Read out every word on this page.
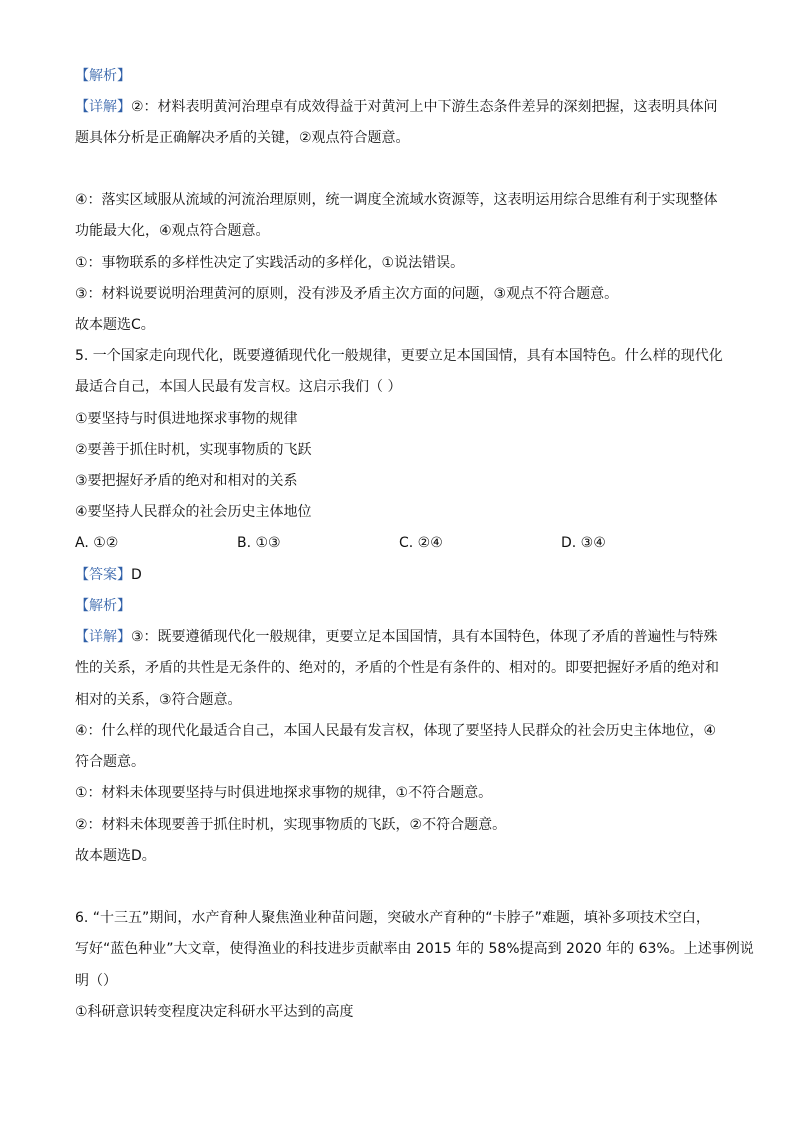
【解析】
【详解】②：材料表明黄河治理卓有成效得益于对黄河上中下游生态条件差异的深刻把握，这表明具体问
题具体分析是正确解决矛盾的关键，②观点符合题意。
④：落实区域服从流域的河流治理原则，统一调度全流域水资源等，这表明运用综合思维有利于实现整体
功能最大化，④观点符合题意。
①：事物联系的多样性决定了实践活动的多样化，①说法错误。
③：材料说要说明治理黄河的原则，没有涉及矛盾主次方面的问题，③观点不符合题意。
故本题选C。
5. 一个国家走向现代化，既要遵循现代化一般规律，更要立足本国国情，具有本国特色。什么样的现代化
最适合自己，本国人民最有发言权。这启示我们（ ）
①要坚持与时俱进地探求事物的规律
②要善于抓住时机，实现事物质的飞跃
③要把握好矛盾的绝对和相对的关系
④要坚持人民群众的社会历史主体地位
A. ①②	B. ①③	C. ②④	D. ③④
【答案】D
【解析】
【详解】③：既要遵循现代化一般规律，更要立足本国国情，具有本国特色，体现了矛盾的普遍性与特殊
性的关系，矛盾的共性是无条件的、绝对的，矛盾的个性是有条件的、相对的。即要把握好矛盾的绝对和
相对的关系，③符合题意。
④：什么样的现代化最适合自己，本国人民最有发言权，体现了要坚持人民群众的社会历史主体地位，④
符合题意。
①：材料未体现要坚持与时俱进地探求事物的规律，①不符合题意。
②：材料未体现要善于抓住时机，实现事物质的飞跃，②不符合题意。
故本题选D。
6. “十三五”期间，水产育种人聚焦渔业种苗问题，突破水产育种的“卡脖子”难题，填补多项技术空白，
写好“蓝色种业”大文章，使得渔业的科技进步贡献率由 2015 年的 58%提高到 2020 年的 63%。上述事例说
明（）
①科研意识转变程度决定科研水平达到的高度
